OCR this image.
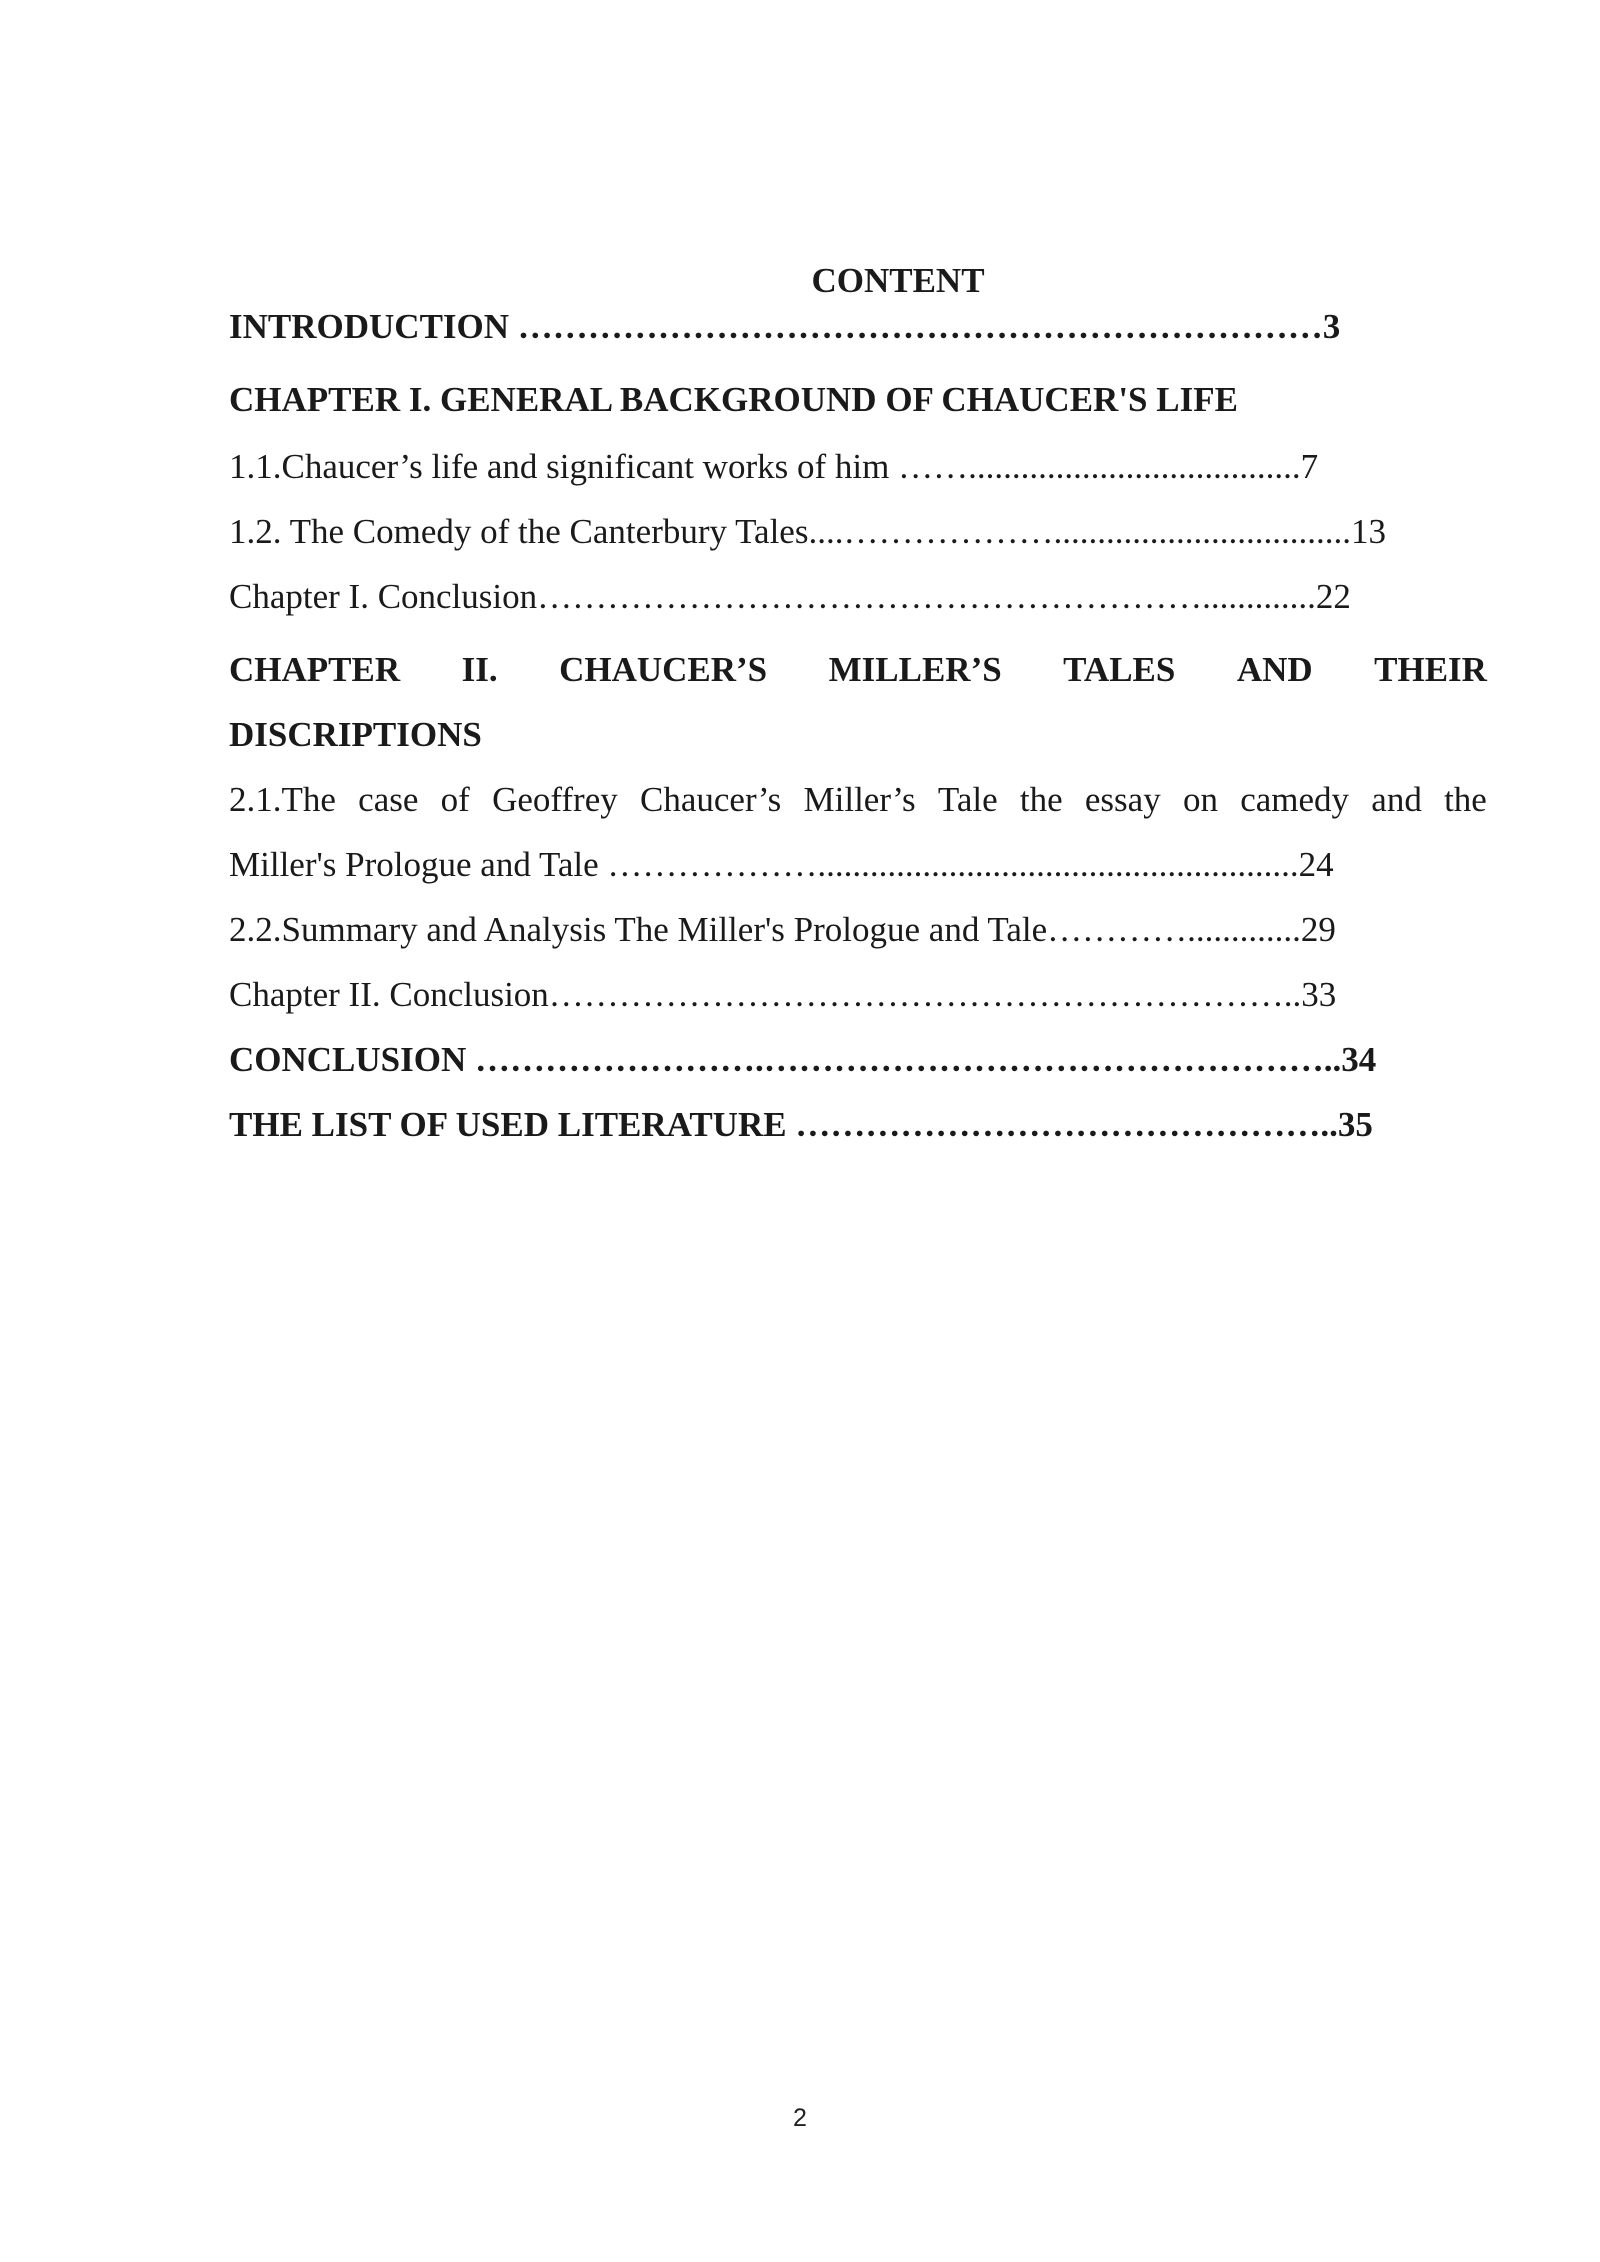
CONTENT
INTRODUCTION ……………………………………………………………3
CHAPTER I. GENERAL BACKGROUND OF CHAUCER'S LIFE
1.1.Chaucer’s life and significant works of him ……......................................7
1.2. The Comedy of the Canterbury Tales....………………..................................13
Chapter I. Conclusion………………………………………………….............22
CHAPTER II. CHAUCER’S MILLER’S TALES AND THEIR
DISCRIPTIONS
2.1.The case of Geoffrey Chaucer’s Miller’s Tale the essay on camedy and the
Miller's Prologue and Tale ……………….......................................................24
2.2.Summary and Analysis The Miller's Prologue and Tale………….............29
Chapter II. Conclusion………………………………………………………..33
CONCLUSION …………………….…………………………………………..34
THE LIST OF USED LITERATURE ………………………………………..35
2
